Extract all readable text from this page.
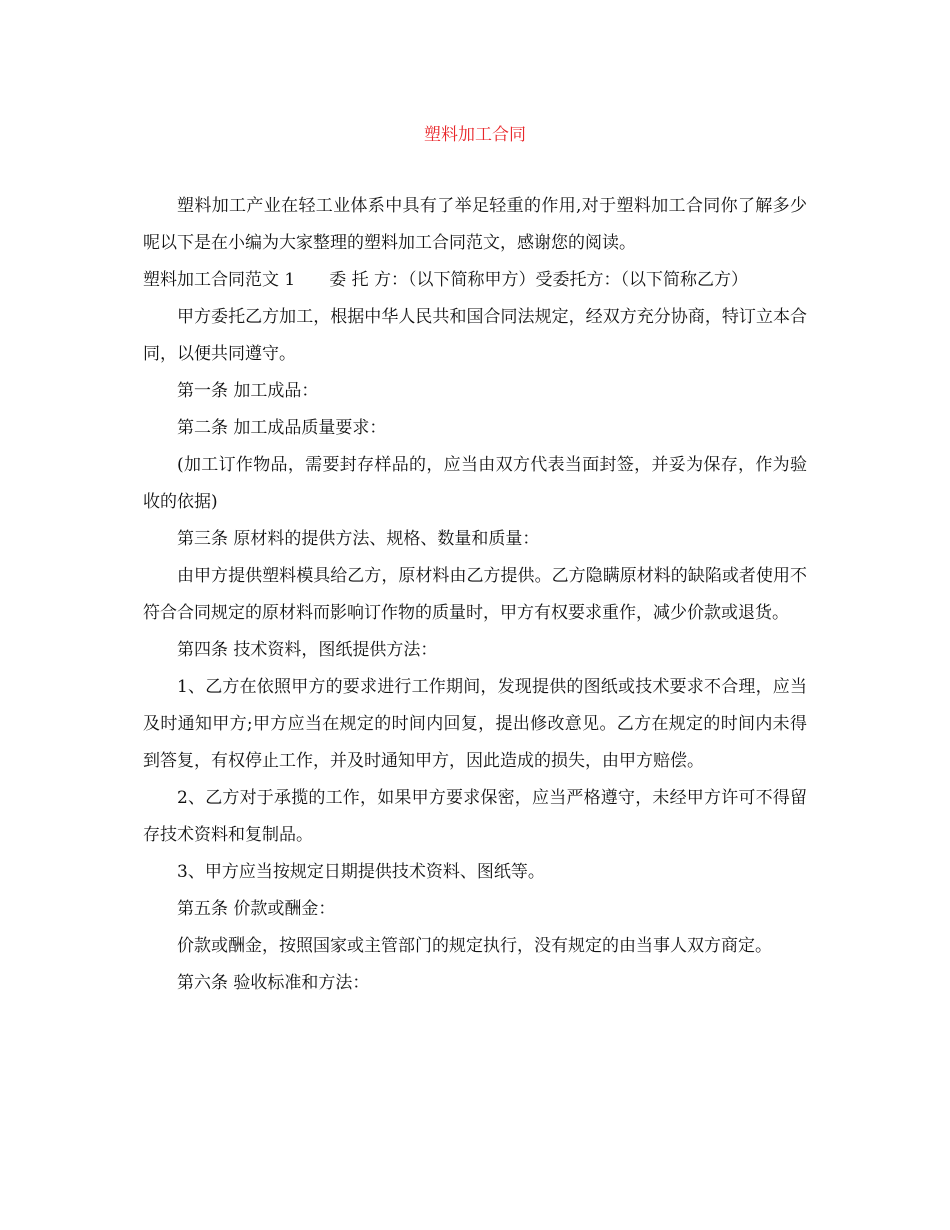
塑料加工合同

塑料加工产业在轻工业体系中具有了举足轻重的作用,对于塑料加工合同你了解多少呢以下是在小编为大家整理的塑料加工合同范文，感谢您的阅读。

塑料加工合同范文 1　　委 托 方：（以下简称甲方）受委托方：（以下简称乙方）

甲方委托乙方加工，根据中华人民共和国合同法规定，经双方充分协商，特订立本合同，以便共同遵守。

第一条 加工成品：

第二条 加工成品质量要求：

(加工订作物品，需要封存样品的，应当由双方代表当面封签，并妥为保存，作为验收的依据)

第三条 原材料的提供方法、规格、数量和质量：

由甲方提供塑料模具给乙方，原材料由乙方提供。乙方隐瞒原材料的缺陷或者使用不符合合同规定的原材料而影响订作物的质量时，甲方有权要求重作，减少价款或退货。

第四条 技术资料，图纸提供方法：

1、乙方在依照甲方的要求进行工作期间，发现提供的图纸或技术要求不合理，应当及时通知甲方;甲方应当在规定的时间内回复，提出修改意见。乙方在规定的时间内未得到答复，有权停止工作，并及时通知甲方，因此造成的损失，由甲方赔偿。

2、乙方对于承揽的工作，如果甲方要求保密，应当严格遵守，未经甲方许可不得留存技术资料和复制品。

3、甲方应当按规定日期提供技术资料、图纸等。

第五条 价款或酬金：

价款或酬金，按照国家或主管部门的规定执行，没有规定的由当事人双方商定。

第六条 验收标准和方法：
